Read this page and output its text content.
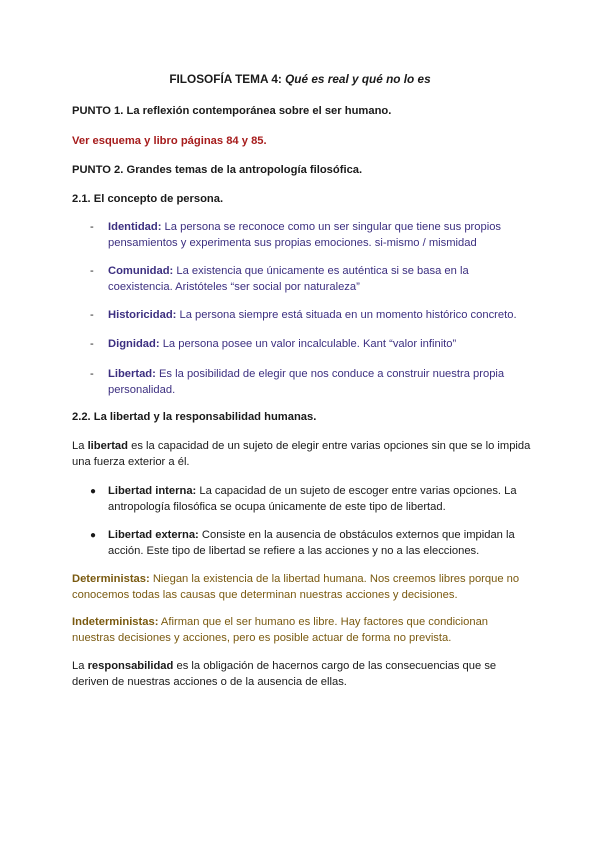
FILOSOFÍA TEMA 4: Qué es real y qué no lo es
PUNTO 1. La reflexión contemporánea sobre el ser humano.
Ver esquema y libro páginas 84 y 85.
PUNTO 2. Grandes temas de la antropología filosófica.
2.1. El concepto de persona.
- Identidad: La persona se reconoce como un ser singular que tiene sus propios pensamientos y experimenta sus propias emociones. si-mismo / mismidad
- Comunidad: La existencia que únicamente es auténtica si se basa en la coexistencia. Aristóteles “ser social por naturaleza”
- Historicidad: La persona siempre está situada en un momento histórico concreto.
- Dignidad: La persona posee un valor incalculable. Kant “valor infinito”
- Libertad: Es la posibilidad de elegir que nos conduce a construir nuestra propia personalidad.
2.2. La libertad y la responsabilidad humanas.
La libertad es la capacidad de un sujeto de elegir entre varias opciones sin que se lo impida una fuerza exterior a él.
● Libertad interna: La capacidad de un sujeto de escoger entre varias opciones. La antropología filosófica se ocupa únicamente de este tipo de libertad.
● Libertad externa: Consiste en la ausencia de obstáculos externos que impidan la acción. Este tipo de libertad se refiere a las acciones y no a las elecciones.
Deterministas: Niegan la existencia de la libertad humana. Nos creemos libres porque no conocemos todas las causas que determinan nuestras acciones y decisiones.
Indeterministas: Afirman que el ser humano es libre. Hay factores que condicionan nuestras decisiones y acciones, pero es posible actuar de forma no prevista.
La responsabilidad es la obligación de hacernos cargo de las consecuencias que se deriven de nuestras acciones o de la ausencia de ellas.
